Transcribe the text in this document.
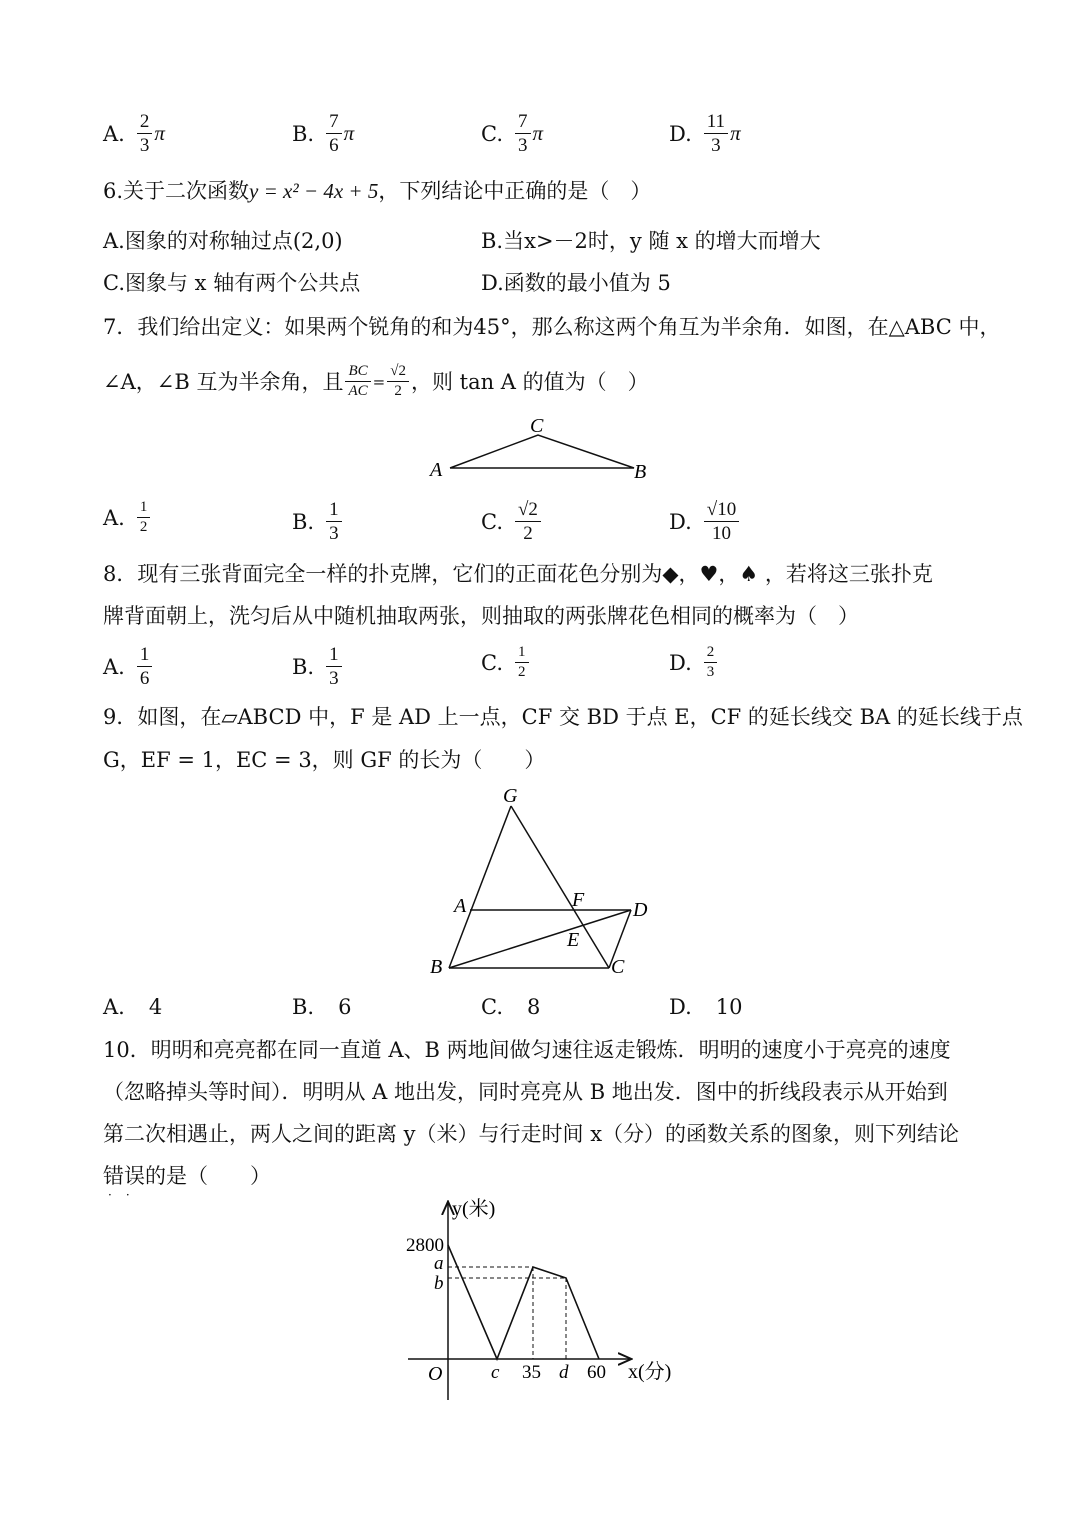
A. $\frac{2}{3}$ π	B. $\frac{7}{6}$ π	C. $\frac{7}{3}$ π	D. $\frac{11}{3}$ π
6.关于二次函数y = x² − 4x + 5，下列结论中正确的是（　）
A.图象的对称轴过点(2,0)	B.当x>－2时，y 随 x 的增大而增大
C.图象与 x 轴有两个公共点	D.函数的最小值为 5
7．我们给出定义：如果两个锐角的和为45°，那么称这两个角互为半余角．如图，在△ABC 中，
∠A，∠B 互为半余角，且 $\frac{BC}{AC} = \frac{√2}{2}$ ，则 tan A 的值为（　）
C
A	B
A. $\frac{1}{2}$	B. $\frac{1}{3}$	C. $\frac{√2}{2}$	D. $\frac{√10}{10}$
8．现有三张背面完全一样的扑克牌，它们的正面花色分别为◆，♥，♠ ，若将这三张扑克
牌背面朝上，洗匀后从中随机抽取两张，则抽取的两张牌花色相同的概率为（　）
A. $\frac{1}{6}$	B. $\frac{1}{3}$	C. $\frac{1}{2}$	D. $\frac{2}{3}$
9．如图，在▱ABCD 中，F 是 AD 上一点，CF 交 BD 于点 E，CF 的延长线交 BA 的延长线于点
G，EF = 1，EC = 3，则 GF 的长为（　　）
G
A	F D
E
B	C
A. 4	B. 6	C. 8	D. 10
10．明明和亮亮都在同一直道 A、B 两地间做匀速往返走锻炼．明明的速度小于亮亮的速度
（忽略掉头等时间）．明明从 A 地出发，同时亮亮从 B 地出发．图中的折线段表示从开始到
第二次相遇止，两人之间的距离 y（米）与行走时间 x（分）的函数关系的图象，则下列结论
错误的是（　　）
··
y(米)
x(分)
O
2800
a
b
c 35 d 60
